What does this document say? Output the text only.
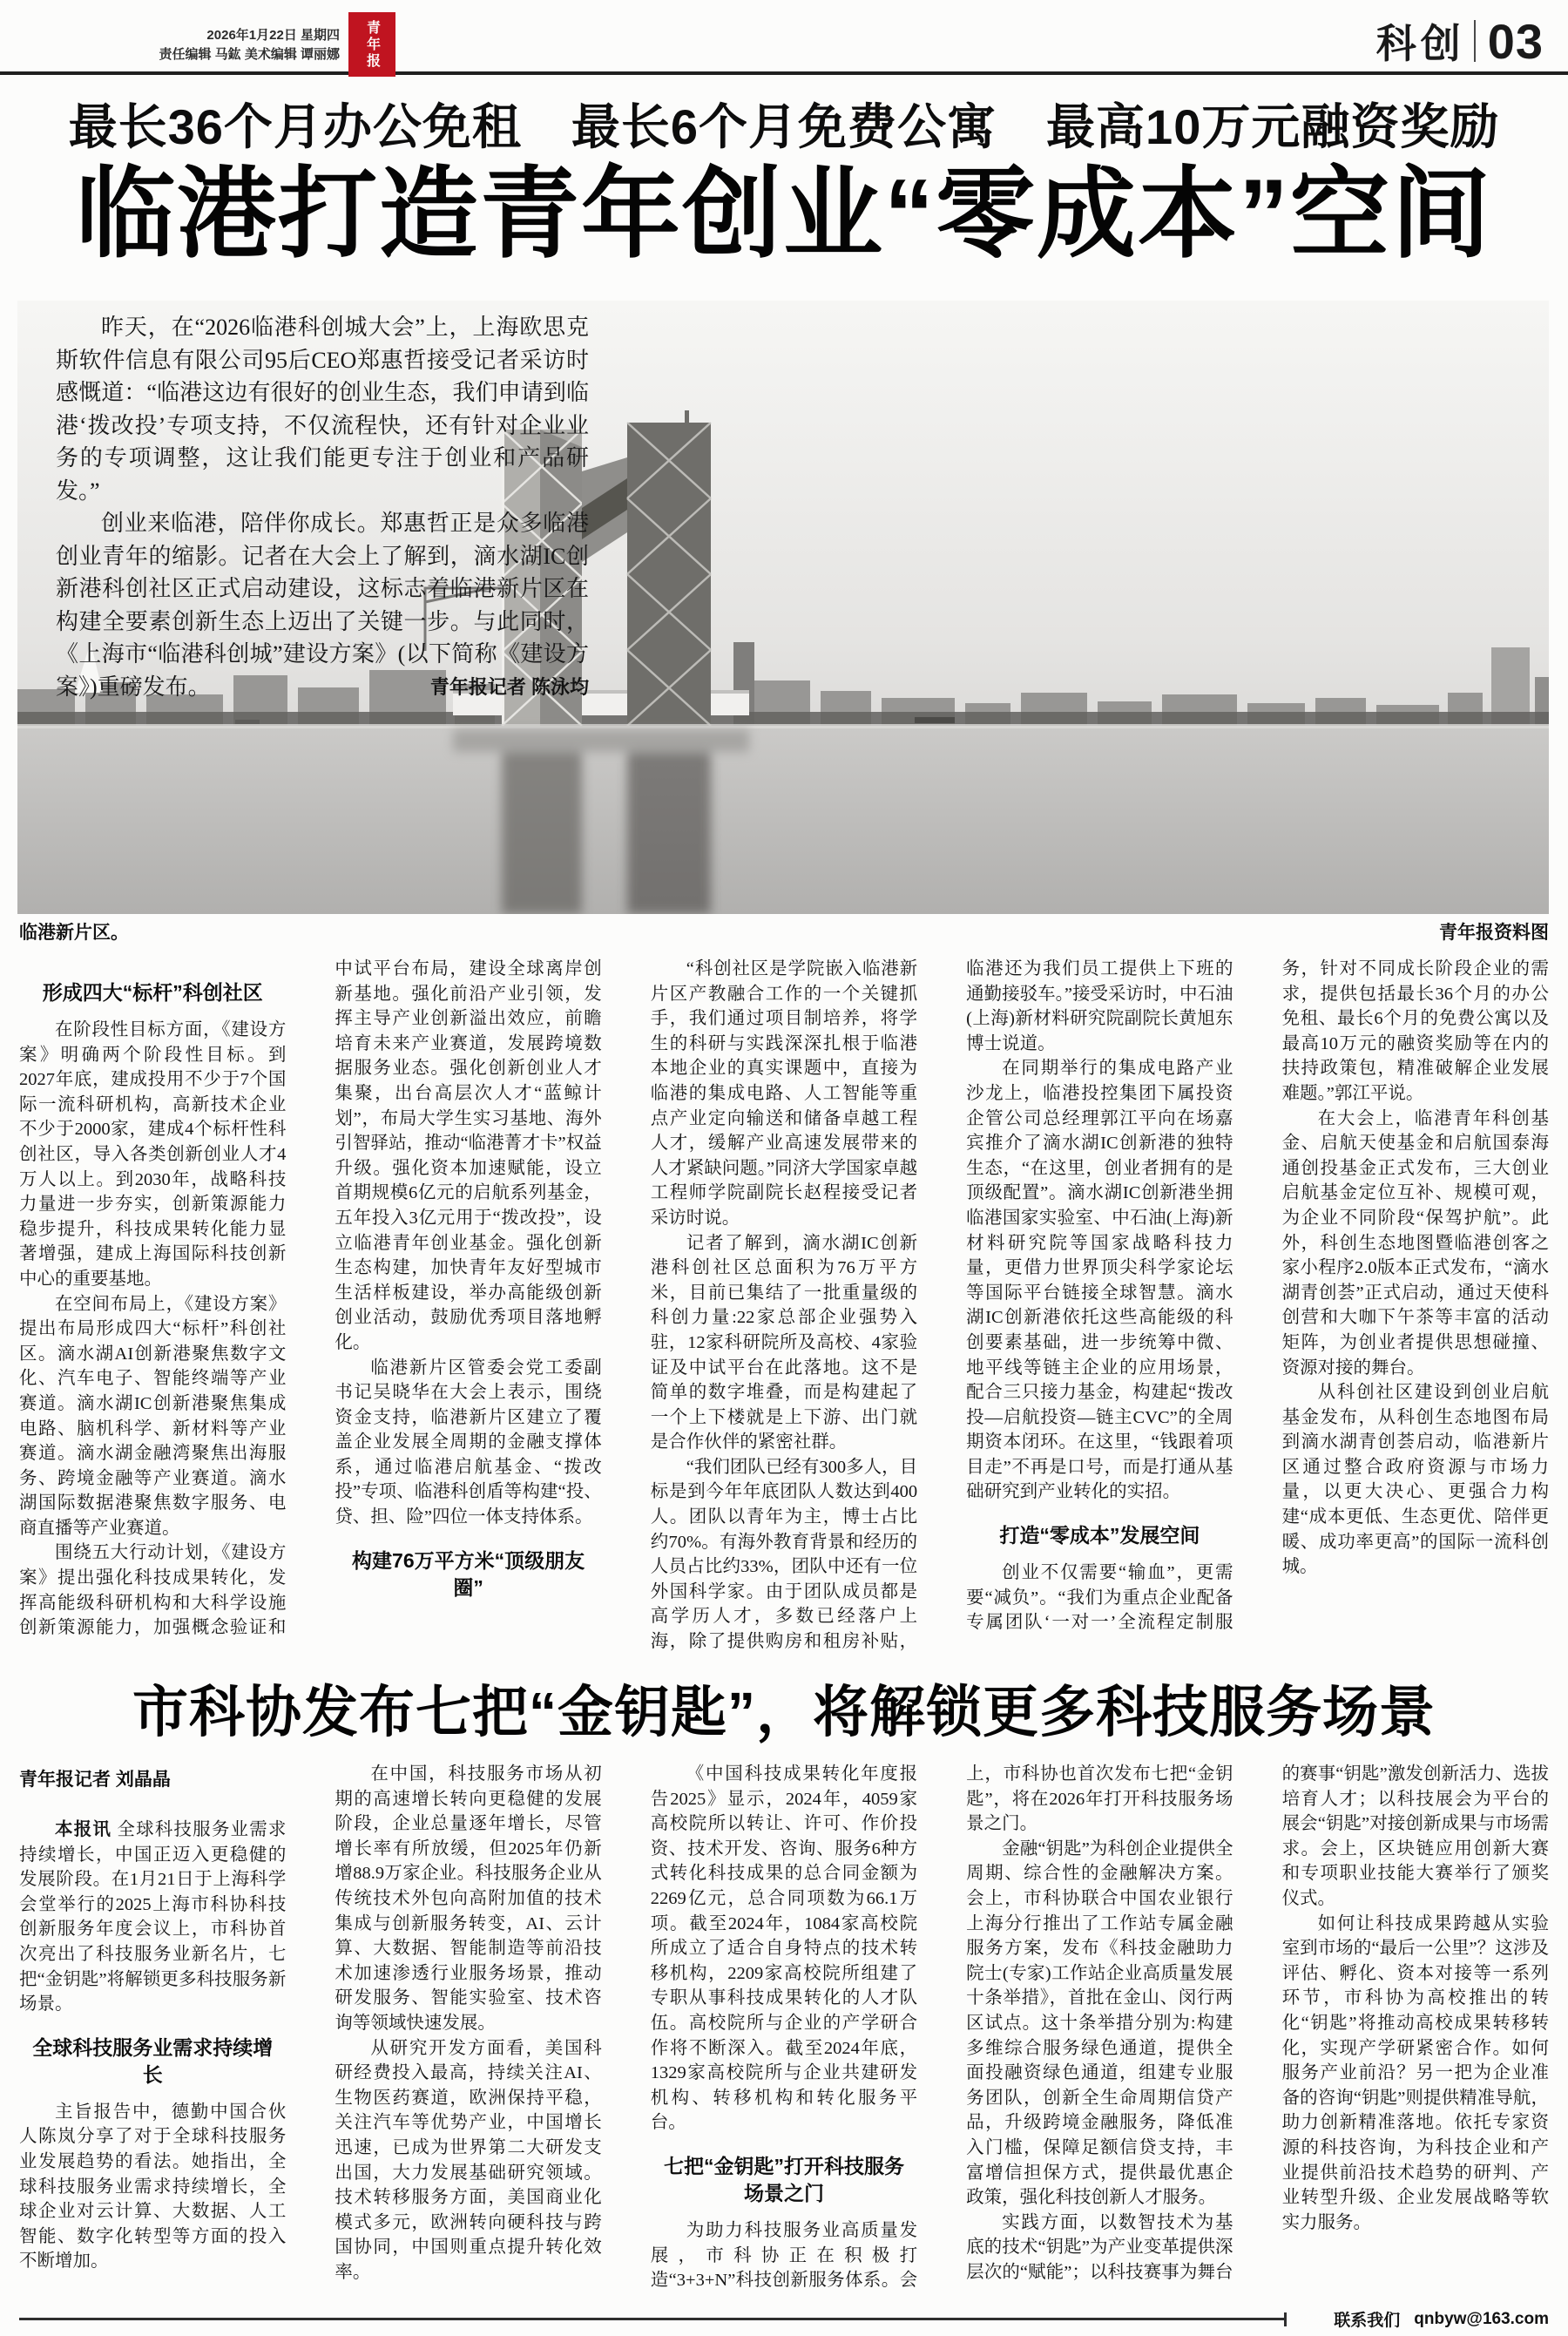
2026年1月22日 星期四
责任编辑 马鈜 美术编辑 谭丽娜 青年报	科创 03
最长36个月办公免租　最长6个月免费公寓　最高10万元融资奖励
临港打造青年创业“零成本”空间

昨天，在“2026临港科创城大会”上，上海欧思克斯软件信息有限公司95后CEO郑惠哲接受记者采访时感慨道：“临港这边有很好的创业生态，我们申请到临港‘拨改投’专项支持，不仅流程快，还有针对企业业务的专项调整，这让我们能更专注于创业和产品研发。”

创业来临港，陪伴你成长。郑惠哲正是众多临港创业青年的缩影。记者在大会上了解到，滴水湖IC创新港科创社区正式启动建设，这标志着临港新片区在构建全要素创新生态上迈出了关键一步。与此同时，《上海市“临港科创城”建设方案》(以下简称《建设方案》)重磅发布。	青年报记者 陈泳均
临港新片区。	青年报资料图
形成四大“标杆”科创社区

在阶段性目标方面，《建设方案》明确两个阶段性目标。到2027年底，建成投用不少于7个国际一流科研机构，高新技术企业不少于2000家，建成4个标杆性科创社区，导入各类创新创业人才4万人以上。到2030年，战略科技力量进一步夯实，创新策源能力稳步提升，科技成果转化能力显著增强，建成上海国际科技创新中心的重要基地。

在空间布局上，《建设方案》提出布局形成四大“标杆”科创社区。滴水湖AI创新港聚焦数字文化、汽车电子、智能终端等产业赛道。滴水湖IC创新港聚焦集成电路、脑机科学、新材料等产业赛道。滴水湖金融湾聚焦出海服务、跨境金融等产业赛道。滴水湖国际数据港聚焦数字服务、电商直播等产业赛道。

围绕五大行动计划，《建设方案》提出强化科技成果转化，发挥高能级科研机构和大科学设施创新策源能力，加强概念验证和中试平台布局，建设全球离岸创新基地。强化前沿产业引领，发挥主导产业创新溢出效应，前瞻培育未来产业赛道，发展跨境数据服务业态。强化创新创业人才集聚，出台高层次人才“蓝鲸计划”，布局大学生实习基地、海外引智驿站，推动“临港菁才卡”权益升级。强化资本加速赋能，设立首期规模6亿元的启航系列基金，五年投入3亿元用于“拨改投”，设立临港青年创业基金。强化创新生态构建，加快青年友好型城市生活样板建设，举办高能级创新创业活动，鼓励优秀项目落地孵化。

临港新片区管委会党工委副书记吴晓华在大会上表示，围绕资金支持，临港新片区建立了覆盖企业发展全周期的金融支撑体系，通过临港启航基金、“拨改投”专项、临港科创盾等构建“投、贷、担、险”四位一体支持体系。

构建76万平方米“顶级朋友圈”

“科创社区是学院嵌入临港新片区产教融合工作的一个关键抓手，我们通过项目制培养，将学生的科研与实践深深扎根于临港本地企业的真实课题中，直接为临港的集成电路、人工智能等重点产业定向输送和储备卓越工程人才，缓解产业高速发展带来的人才紧缺问题。”同济大学国家卓越工程师学院副院长赵程接受记者采访时说。

记者了解到，滴水湖IC创新港科创社区总面积为76万平方米，目前已集结了一批重量级的科创力量:22家总部企业强势入驻，12家科研院所及高校、4家验证及中试平台在此落地。这不是简单的数字堆叠，而是构建起了一个上下楼就是上下游、出门就是合作伙伴的紧密社群。

“我们团队已经有300多人，目标是到今年年底团队人数达到400人。团队以青年为主，博士占比约70%。有海外教育背景和经历的人员占比约33%，团队中还有一位外国科学家。由于团队成员都是高学历人才，多数已经落户上海，除了提供购房和租房补贴，临港还为我们员工提供上下班的通勤接驳车。”接受采访时，中石油(上海)新材料研究院副院长黄旭东博士说道。

在同期举行的集成电路产业沙龙上，临港投控集团下属投资企管公司总经理郭江平向在场嘉宾推介了滴水湖IC创新港的独特生态，“在这里，创业者拥有的是顶级配置”。滴水湖IC创新港坐拥临港国家实验室、中石油(上海)新材料研究院等国家战略科技力量，更借力世界顶尖科学家论坛等国际平台链接全球智慧。滴水湖IC创新港依托这些高能级的科创要素基础，进一步统筹中微、地平线等链主企业的应用场景，配合三只接力基金，构建起“拨改投—启航投资—链主CVC”的全周期资本闭环。在这里，“钱跟着项目走”不再是口号，而是打通从基础研究到产业转化的实招。

打造“零成本”发展空间

创业不仅需要“输血”，更需要“减负”。“我们为重点企业配备专属团队‘一对一’全流程定制服务，针对不同成长阶段企业的需求，提供包括最长36个月的办公免租、最长6个月的免费公寓以及最高10万元的融资奖励等在内的扶持政策包，精准破解企业发展难题。”郭江平说。

在大会上，临港青年科创基金、启航天使基金和启航国泰海通创投基金正式发布，三大创业启航基金定位互补、规模可观，为企业不同阶段“保驾护航”。此外，科创生态地图暨临港创客之家小程序2.0版本正式发布，“滴水湖青创荟”正式启动，通过天使科创营和大咖下午茶等丰富的活动矩阵，为创业者提供思想碰撞、资源对接的舞台。

从科创社区建设到创业启航基金发布，从科创生态地图布局到滴水湖青创荟启动，临港新片区通过整合政府资源与市场力量，以更大决心、更强合力构建“成本更低、生态更优、陪伴更暖、成功率更高”的国际一流科创城。

市科协发布七把“金钥匙”，将解锁更多科技服务场景
青年报记者 刘晶晶

本报讯 全球科技服务业需求持续增长，中国正迈入更稳健的发展阶段。在1月21日于上海科学会堂举行的2025上海市科协科技创新服务年度会议上，市科协首次亮出了科技服务业新名片，七把“金钥匙”将解锁更多科技服务新场景。

全球科技服务业需求持续增长

主旨报告中，德勤中国合伙人陈岚分享了对于全球科技服务业发展趋势的看法。她指出，全球科技服务业需求持续增长，全球企业对云计算、大数据、人工智能、数字化转型等方面的投入不断增加。

在中国，科技服务市场从初期的高速增长转向更稳健的发展阶段，企业总量逐年增长，尽管增长率有所放缓，但2025年仍新增88.9万家企业。科技服务企业从传统技术外包向高附加值的技术集成与创新服务转变，AI、云计算、大数据、智能制造等前沿技术加速渗透行业服务场景，推动研发服务、智能实验室、技术咨询等领域快速发展。

从研究开发方面看，美国科研经费投入最高，持续关注AI、生物医药赛道，欧洲保持平稳，关注汽车等优势产业，中国增长迅速，已成为世界第二大研发支出国，大力发展基础研究领域。技术转移服务方面，美国商业化模式多元，欧洲转向硬科技与跨国协同，中国则重点提升转化效率。

《中国科技成果转化年度报告2025》显示，2024年，4059家高校院所以转让、许可、作价投资、技术开发、咨询、服务6种方式转化科技成果的总合同金额为2269亿元，总合同项数为66.1万项。截至2024年，1084家高校院所成立了适合自身特点的技术转移机构，2209家高校院所组建了专职从事科技成果转化的人才队伍。高校院所与企业的产学研合作将不断深入。截至2024年底，1329家高校院所与企业共建研发机构、转移机构和转化服务平台。

七把“金钥匙”打开科技服务场景之门

为助力科技服务业高质量发展，市科协正在积极打造“3+3+N”科技创新服务体系。会上，市科协也首次发布七把“金钥匙”，将在2026年打开科技服务场景之门。

金融“钥匙”为科创企业提供全周期、综合性的金融解决方案。会上，市科协联合中国农业银行上海分行推出了工作站专属金融服务方案，发布《科技金融助力院士(专家)工作站企业高质量发展十条举措》，首批在金山、闵行两区试点。这十条举措分别为:构建多维综合服务绿色通道，提供全面投融资绿色通道，组建专业服务团队，创新全生命周期信贷产品，升级跨境金融服务，降低准入门槛，保障足额信贷支持，丰富增信担保方式，提供最优惠企政策，强化科技创新人才服务。

实践方面，以数智技术为基底的技术“钥匙”为产业变革提供深层次的“赋能”；以科技赛事为舞台的赛事“钥匙”激发创新活力、选拔培育人才；以科技展会为平台的展会“钥匙”对接创新成果与市场需求。会上，区块链应用创新大赛和专项职业技能大赛举行了颁奖仪式。

如何让科技成果跨越从实验室到市场的“最后一公里”？这涉及评估、孵化、资本对接等一系列环节，市科协为高校推出的转化“钥匙”将推动高校成果转移转化，实现产学研紧密合作。如何服务产业前沿？另一把为企业准备的咨询“钥匙”则提供精准导航，助力创新精准落地。依托专家资源的科技咨询，为科技企业和产业提供前沿技术趋势的研判、产业转型升级、企业发展战略等软实力服务。

联系我们 qnbyw@163.com
